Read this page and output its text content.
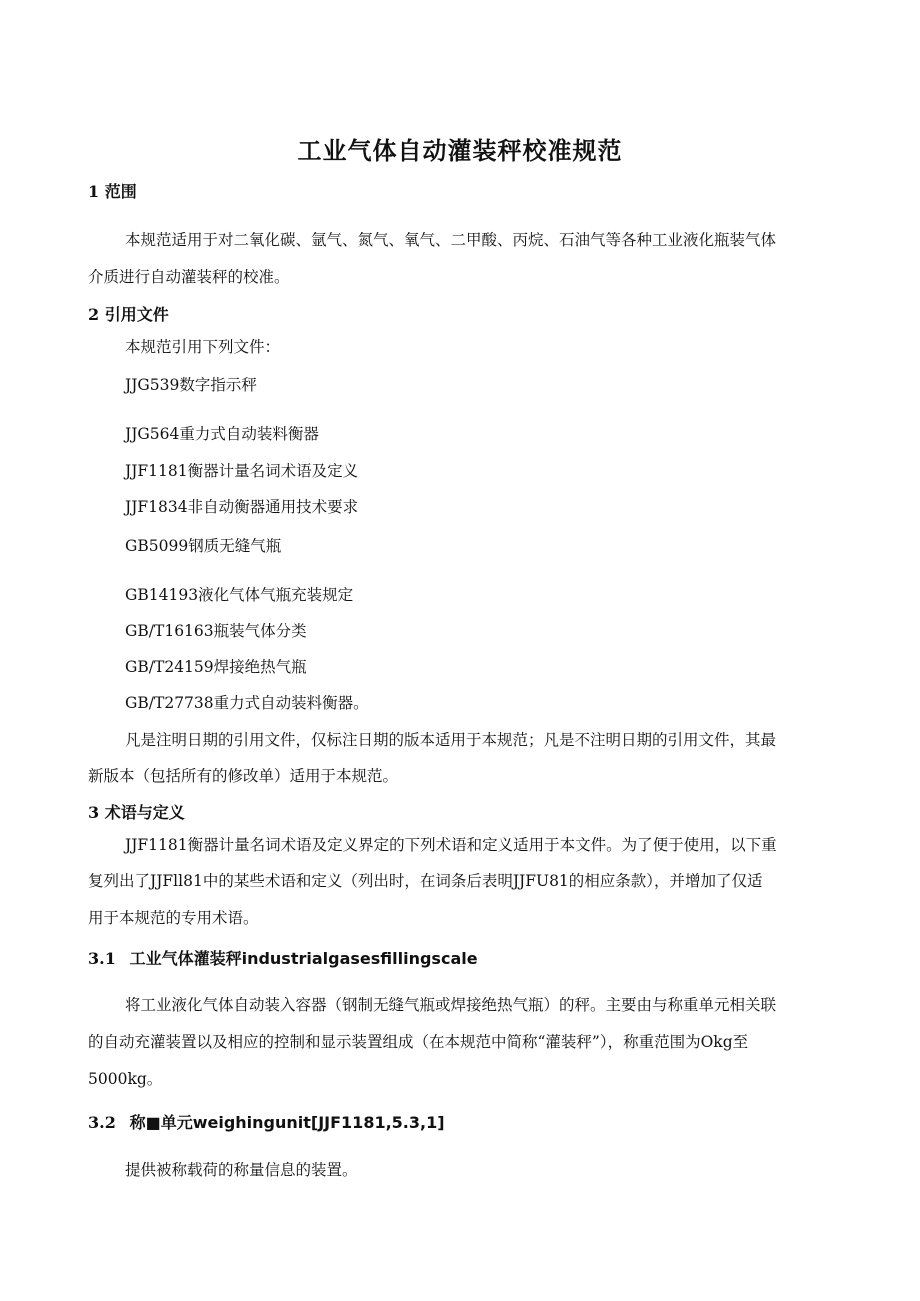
工业气体自动灌装秤校准规范
1 范围
本规范适用于对二氧化碳、氩气、氮气、氧气、二甲酸、丙烷、石油气等各种工业液化瓶装气体
介质进行自动灌装秤的校准。
2 引用文件
本规范引用下列文件：
JJG539数字指示秤
JJG564重力式自动装料衡器
JJF1181衡器计量名词术语及定义
JJF1834非自动衡器通用技术要求
GB5099钢质无缝气瓶
GB14193液化气体气瓶充装规定
GB/T16163瓶装气体分类
GB/T24159焊接绝热气瓶
GB/T27738重力式自动装料衡器。
凡是注明日期的引用文件，仅标注日期的版本适用于本规范；凡是不注明日期的引用文件，其最
新版本（包括所有的修改单）适用于本规范。
3 术语与定义
JJF1181衡器计量名词术语及定义界定的下列术语和定义适用于本文件。为了便于使用，以下重
复列出了JJFll81中的某些术语和定义（列出时，在词条后表明JJFU81的相应条款），并增加了仅适
用于本规范的专用术语。
3.1 工业气体灌装秤industrialgasesfillingscale
将工业液化气体自动装入容器（钢制无缝气瓶或焊接绝热气瓶）的秤。主要由与称重单元相关联
的自动充灌装置以及相应的控制和显示装置组成（在本规范中简称“灌装秤”），称重范围为Okg至
5000kg。
3.2 称■单元weighingunit[JJF1181,5.3,1]
提供被称载荷的称量信息的装置。
